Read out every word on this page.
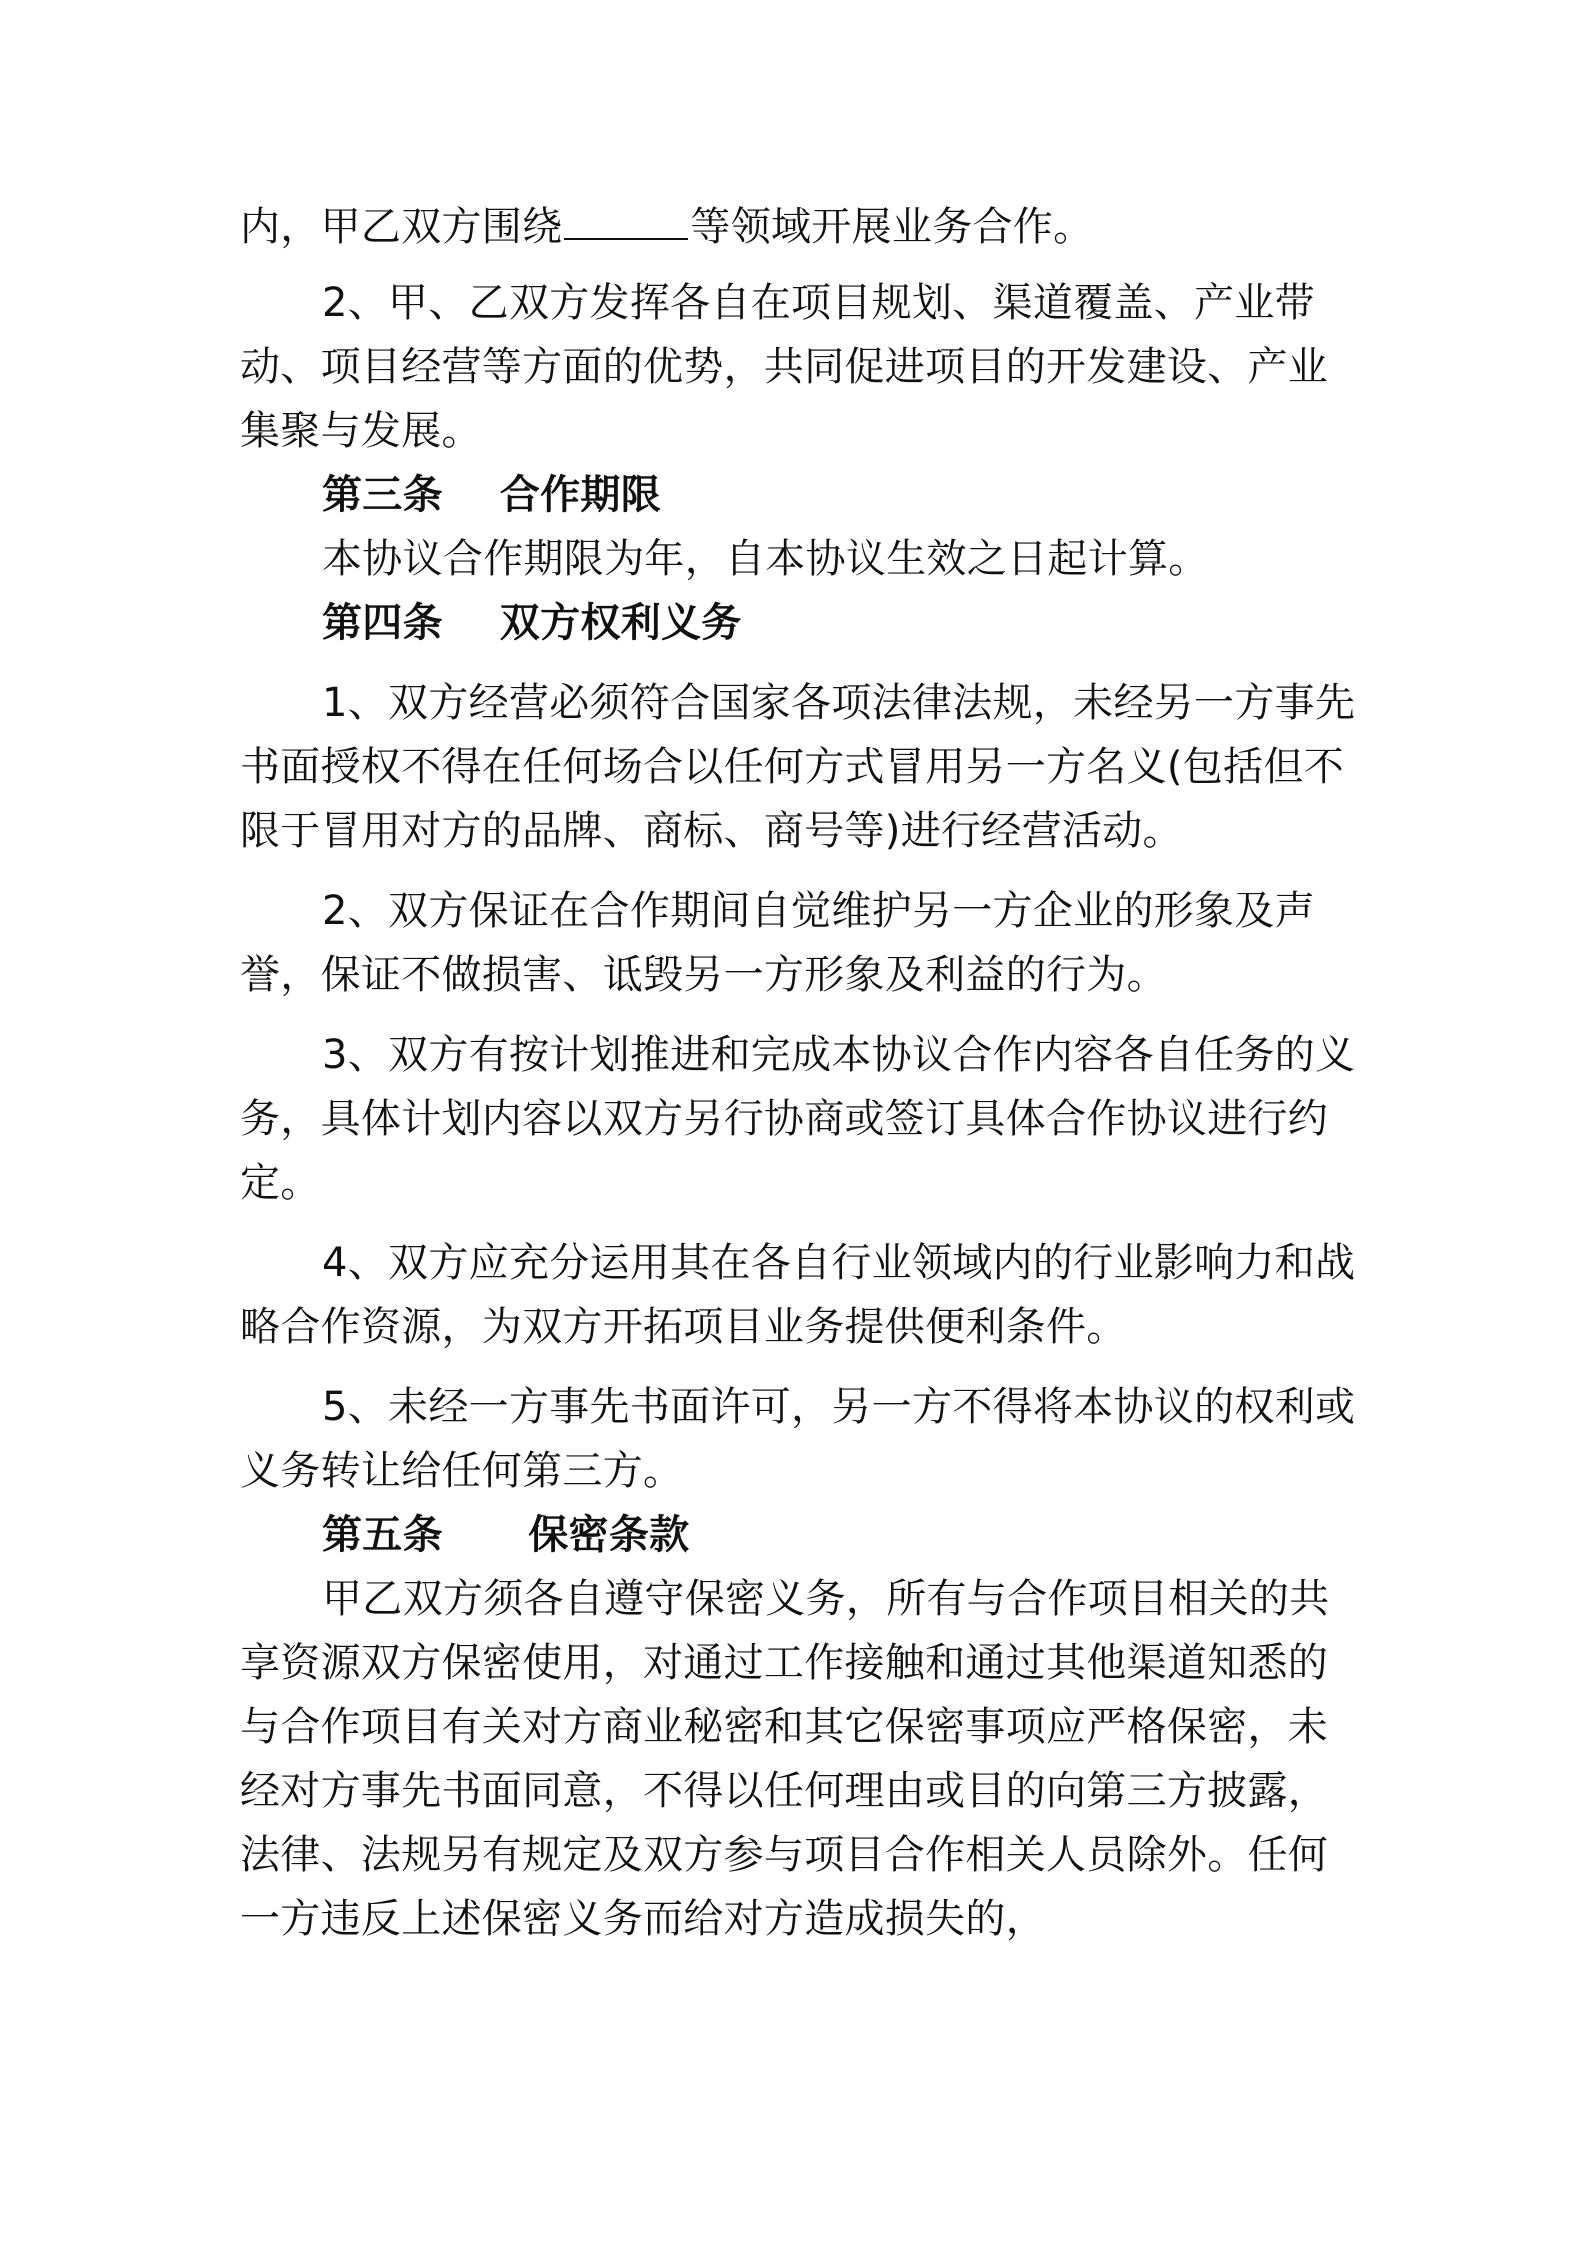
内，甲乙双方围绕	等领域开展业务合作。

2、甲、乙双方发挥各自在项目规划、渠道覆盖、产业带动、项目经营等方面的优势，共同促进项目的开发建设、产业集聚与发展。

第三条    合作期限

本协议合作期限为年，自本协议生效之日起计算。

第四条    双方权利义务

1、双方经营必须符合国家各项法律法规，未经另一方事先书面授权不得在任何场合以任何方式冒用另一方名义(包括但不限于冒用对方的品牌、商标、商号等)进行经营活动。

2、双方保证在合作期间自觉维护另一方企业的形象及声誉，保证不做损害、诋毁另一方形象及利益的行为。

3、双方有按计划推进和完成本协议合作内容各自任务的义务，具体计划内容以双方另行协商或签订具体合作协议进行约定。

4、双方应充分运用其在各自行业领域内的行业影响力和战略合作资源，为双方开拓项目业务提供便利条件。

5、未经一方事先书面许可，另一方不得将本协议的权利或义务转让给任何第三方。

第五条      保密条款

甲乙双方须各自遵守保密义务，所有与合作项目相关的共享资源双方保密使用，对通过工作接触和通过其他渠道知悉的与合作项目有关对方商业秘密和其它保密事项应严格保密，未经对方事先书面同意，不得以任何理由或目的向第三方披露，法律、法规另有规定及双方参与项目合作相关人员除外。任何一方违反上述保密义务而给对方造成损失的，
